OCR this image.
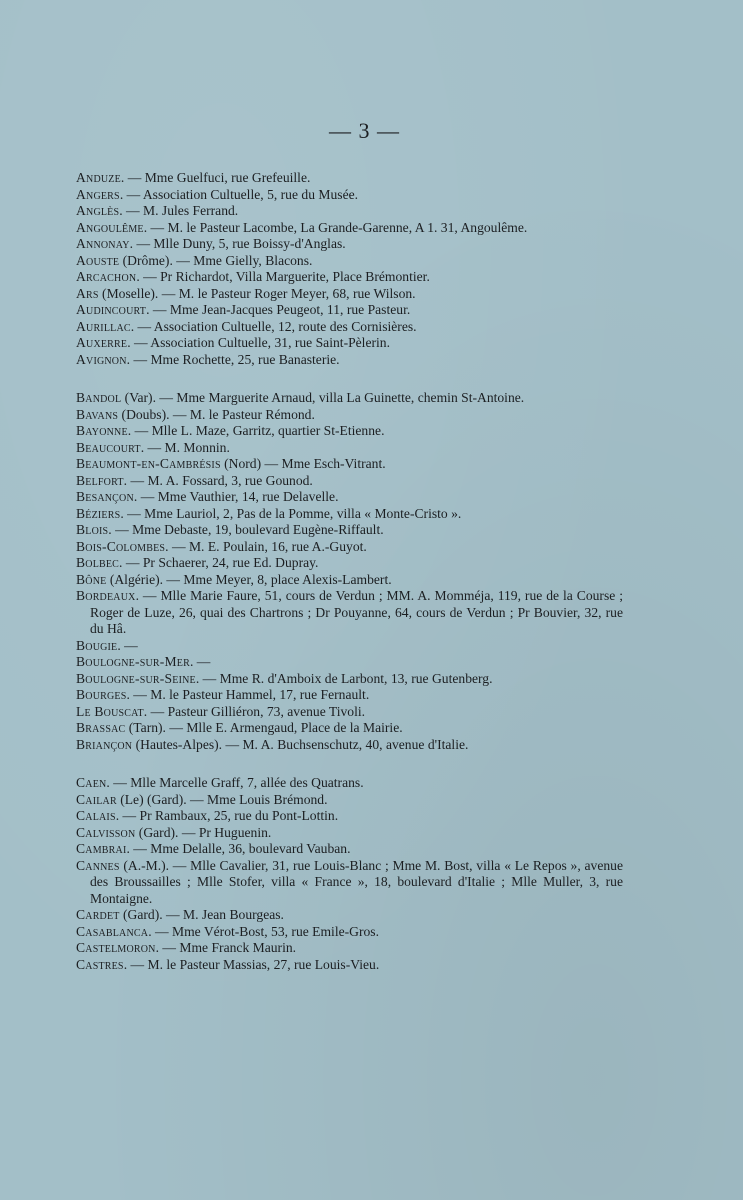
— 3 —
Anduze. — Mme Guelfuci, rue Grefeuille.
Angers. — Association Cultuelle, 5, rue du Musée.
Anglès. — M. Jules Ferrand.
Angoulême. — M. le Pasteur Lacombe, La Grande-Garenne, A 1. 31, Angoulême.
Annonay. — Mlle Duny, 5, rue Boissy-d'Anglas.
Aouste (Drôme). — Mme Gielly, Blacons.
Arcachon. — Pr Richardot, Villa Marguerite, Place Brémontier.
Ars (Moselle). — M. le Pasteur Roger Meyer, 68, rue Wilson.
Audincourt. — Mme Jean-Jacques Peugeot, 11, rue Pasteur.
Aurillac. — Association Cultuelle, 12, route des Cornisières.
Auxerre. — Association Cultuelle, 31, rue Saint-Pèlerin.
Avignon. — Mme Rochette, 25, rue Banasterie.
Bandol (Var). — Mme Marguerite Arnaud, villa La Guinette, chemin St-Antoine.
Bavans (Doubs). — M. le Pasteur Rémond.
Bayonne. — Mlle L. Maze, Garritz, quartier St-Etienne.
Beaucourt. — M. Monnin.
Beaumont-en-Cambrésis (Nord) — Mme Esch-Vitrant.
Belfort. — M. A. Fossard, 3, rue Gounod.
Besançon. — Mme Vauthier, 14, rue Delavelle.
Béziers. — Mme Lauriol, 2, Pas de la Pomme, villa « Monte-Cristo ».
Blois. — Mme Debaste, 19, boulevard Eugène-Riffault.
Bois-Colombes. — M. E. Poulain, 16, rue A.-Guyot.
Bolbec. — Pr Schaerer, 24, rue Ed. Dupray.
Bône (Algérie). — Mme Meyer, 8, place Alexis-Lambert.
Bordeaux. — Mlle Marie Faure, 51, cours de Verdun ; MM. A. Momméja, 119, rue de la Course ; Roger de Luze, 26, quai des Chartrons ; Dr Pouyanne, 64, cours de Verdun ; Pr Bouvier, 32, rue du Hâ.
Bougie. —
Boulogne-sur-Mer. —
Boulogne-sur-Seine. — Mme R. d'Amboix de Larbont, 13, rue Gutenberg.
Bourges. — M. le Pasteur Hammel, 17, rue Fernault.
Le Bouscat. — Pasteur Gilliéron, 73, avenue Tivoli.
Brassac (Tarn). — Mlle E. Armengaud, Place de la Mairie.
Briançon (Hautes-Alpes). — M. A. Buchsenschutz, 40, avenue d'Italie.
Caen. — Mlle Marcelle Graff, 7, allée des Quatrans.
Cailar (Le) (Gard). — Mme Louis Brémond.
Calais. — Pr Rambaux, 25, rue du Pont-Lottin.
Calvisson (Gard). — Pr Huguenin.
Cambrai. — Mme Delalle, 36, boulevard Vauban.
Cannes (A.-M.). — Mlle Cavalier, 31, rue Louis-Blanc ; Mme M. Bost, villa « Le Repos », avenue des Broussailles ; Mlle Stofer, villa « France », 18, boulevard d'Italie ; Mlle Muller, 3, rue Montaigne.
Cardet (Gard). — M. Jean Bourgeas.
Casablanca. — Mme Vérot-Bost, 53, rue Emile-Gros.
Castelmoron. — Mme Franck Maurin.
Castres. — M. le Pasteur Massias, 27, rue Louis-Vieu.
